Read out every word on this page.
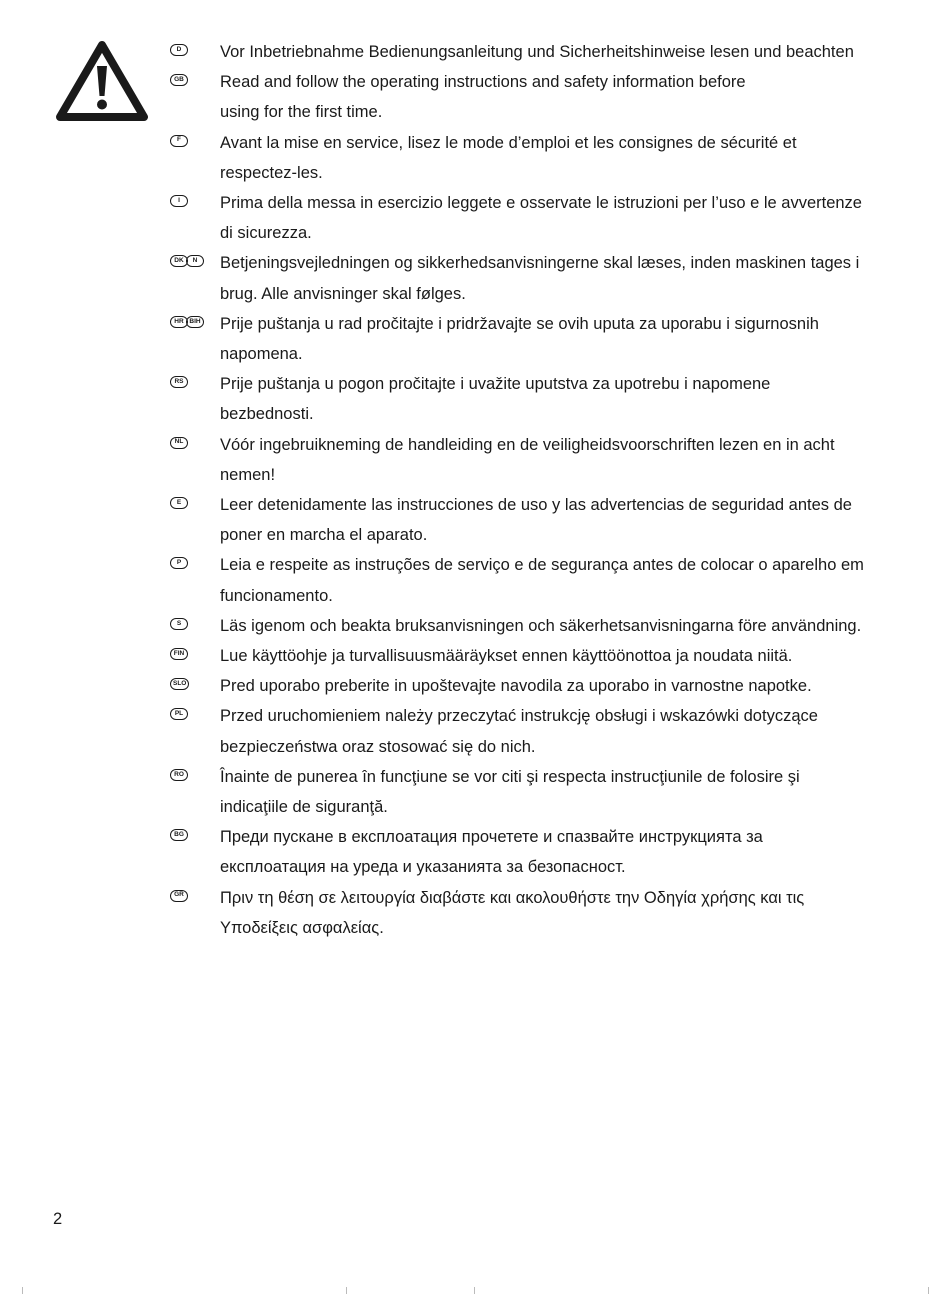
D	Vor Inbetriebnahme Bedienungsanleitung und Sicherheitshinweise lesen und beachten
GB Read and follow the operating instructions and safety information before
using for the first time.
F	Avant la mise en service, lisez le mode d’emploi et les consignes de sécurité et
respectez-les.
I	Prima della messa in esercizio leggete e osservate le istruzioni per l’uso e le avvertenze
di sicurezza.
DK	N	Betjeningsvejledningen og sikkerhedsanvisningerne skal læses, inden maskinen tages i
brug. Alle anvisninger skal følges.
HR BIH Prije puštanja u rad pročitajte i pridržavajte se ovih uputa za uporabu i sigurnosnih
napomena.
RS Prije puštanja u pogon pročitajte i uvažite uputstva za upotrebu i napomene
bezbednosti.
NL Vóór ingebruikneming de handleiding en de veiligheidsvoorschriften lezen en in acht
nemen!
E	Leer detenidamente las instrucciones de uso y las advertencias de seguridad antes de
poner en marcha el aparato.
P	Leia e respeite as instruções de serviço e de segurança antes de colocar o aparelho em
funcionamento.
S	Läs igenom och beakta bruksanvisningen och säkerhetsanvisningarna före användning.
FIN Lue käyttöohje ja turvallisuusmääräykset ennen käyttöönottoa ja noudata niitä.
SLO Pred uporabo preberite in upoštevajte navodila za uporabo in varnostne napotke.
PL Przed uruchomieniem należy przeczytać instrukcję obsługi i wskazówki dotyczące
bezpieczeństwa oraz stosować się do nich.
RO Înainte de punerea în funcţiune se vor citi şi respecta instrucţiunile de folosire şi
indicaţiile de siguranţă.
BG Преди пускане в експлоатация прочетете и спазвайте инструкцията за
експлоатация на уреда и указанията за безопасност.
GR Πριν τη θέση σε λειτουργία διαβάστε και ακολουθήστε την Οδηγία χρήσης και τις
Υποδείξεις ασφαλείας.
2
